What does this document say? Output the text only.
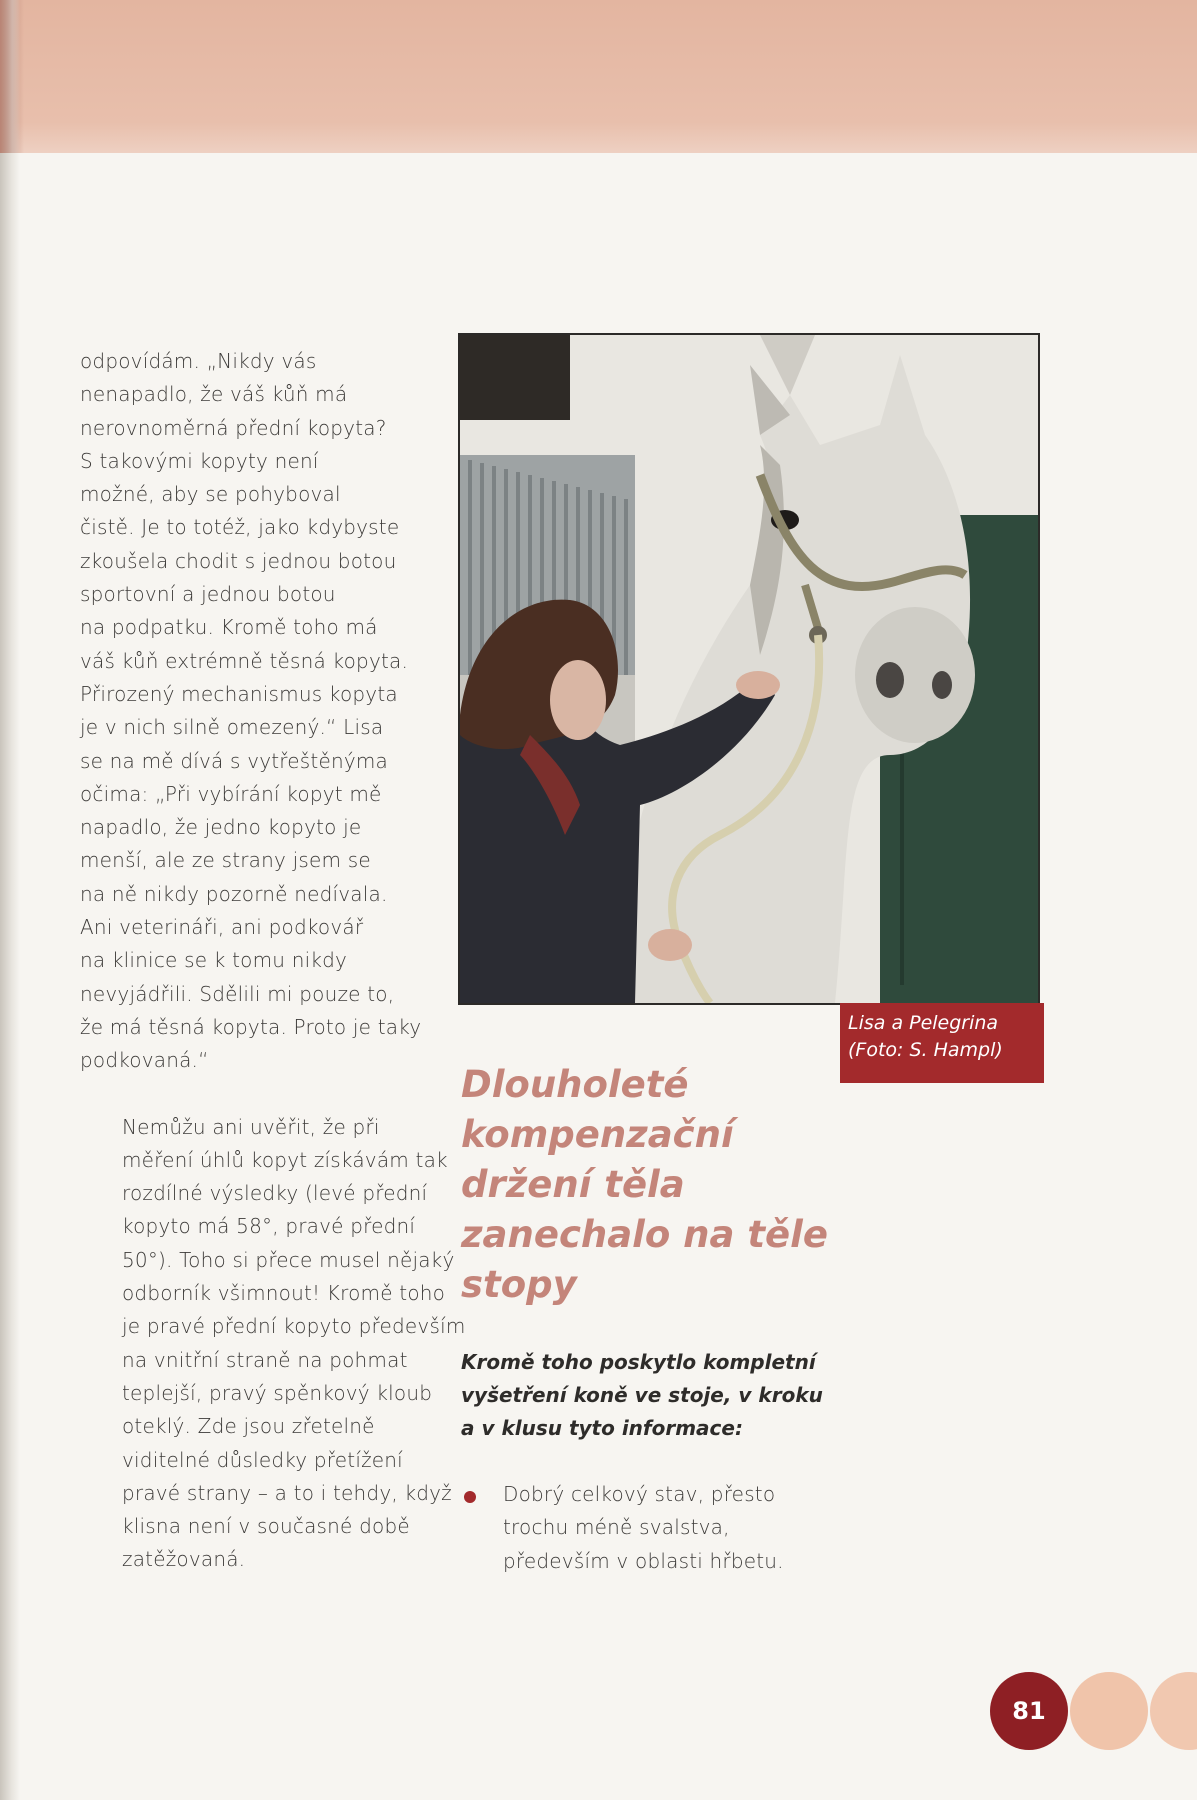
odpovídám. „Nikdy vás
nenapadlo, že váš kůň má
nerovnoměrná přední kopyta?
S takovými kopyty není
možné, aby se pohyboval
čistě. Je to totéž, jako kdybyste
zkoušela chodit s jednou botou
sportovní a jednou botou
na podpatku. Kromě toho má
váš kůň extrémně těsná kopyta.
Přirozený mechanismus kopyta
je v nich silně omezený.“ Lisa
se na mě dívá s vytřeštěnýma
očima: „Při vybírání kopyt mě
napadlo, že jedno kopyto je
menší, ale ze strany jsem se
na ně nikdy pozorně nedívala.
Ani veterináři, ani podkovář
na klinice se k tomu nikdy
nevyjádřili. Sdělili mi pouze to,
že má těsná kopyta. Proto je taky
podkovaná.“

Nemůžu ani uvěřit, že při
měření úhlů kopyt získávám tak
rozdílné výsledky (levé přední
kopyto má 58°, pravé přední
50°). Toho si přece musel nějaký
odborník všimnout! Kromě toho
je pravé přední kopyto především
na vnitřní straně na pohmat
teplejší, pravý spěnkový kloub
oteklý. Zde jsou zřetelně
viditelné důsledky přetížení
pravé strany – a to i tehdy, když
klisna není v současné době
zatěžovaná.

Lisa a Pelegrina
(Foto: S. Hampl)
Dlouholeté
kompenzační
držení těla
zanechalo na těle
stopy
Kromě toho poskytlo kompletní
vyšetření koně ve stoje, v kroku
a v klusu tyto informace:
Dobrý celkový stav, přesto
trochu méně svalstva,
především v oblasti hřbetu.
81
